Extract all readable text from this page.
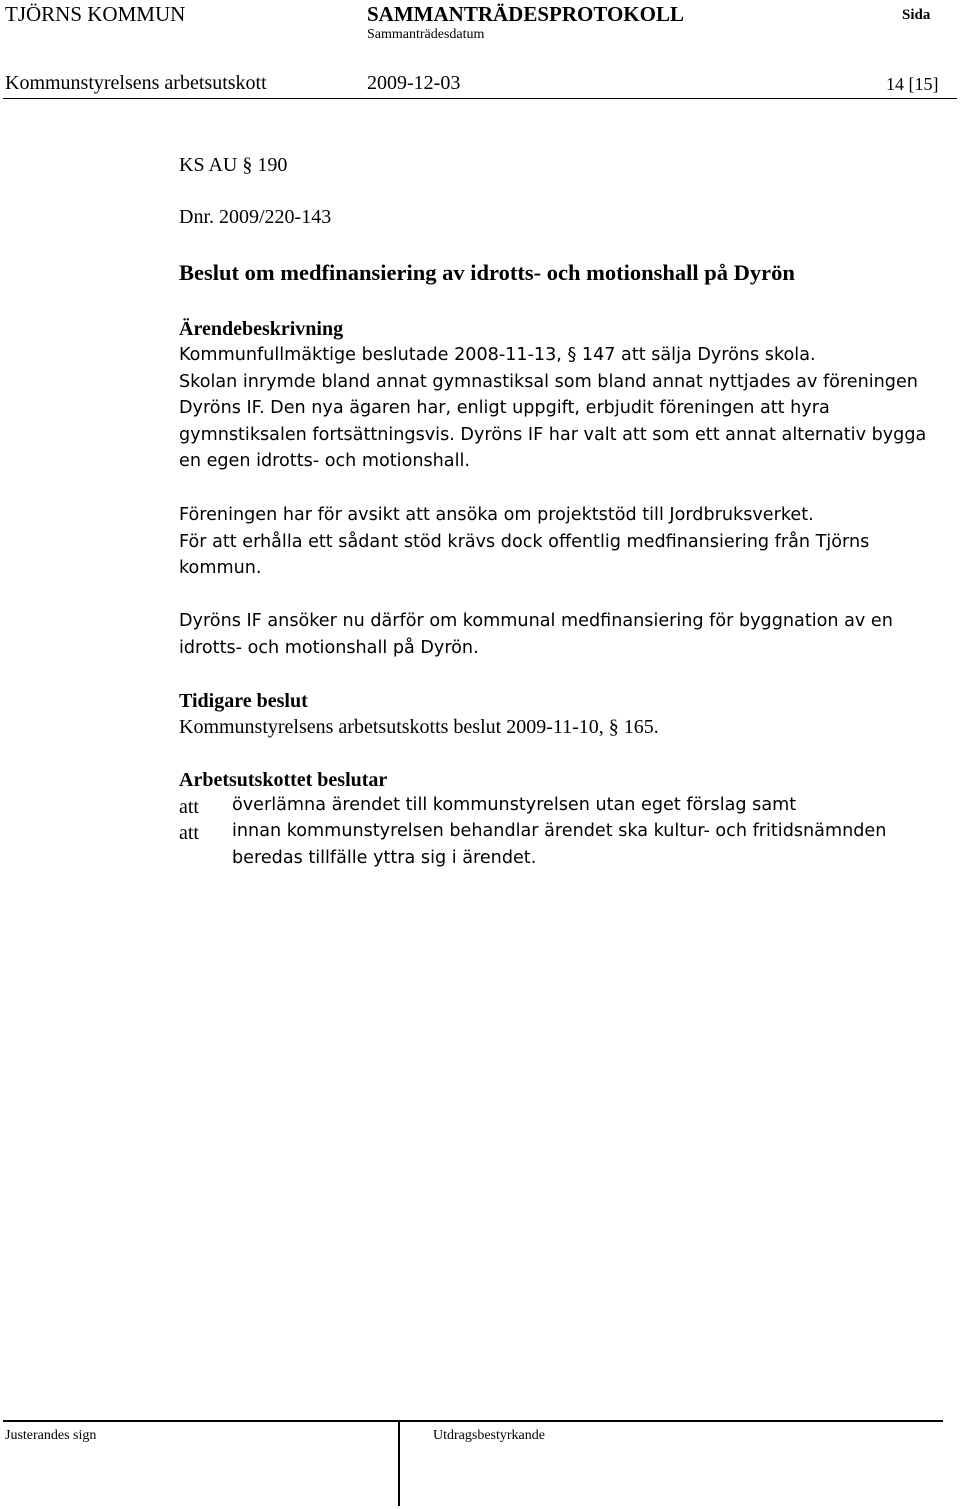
TJÖRNS KOMMUN	SAMMANTRÄDESPROTOKOLL	Sida
Sammanträdesdatum
Kommunstyrelsens arbetsutskott	2009-12-03	14 [15]
KS AU § 190
Dnr. 2009/220-143
Beslut om medfinansiering av idrotts- och motionshall på Dyrön
Ärendebeskrivning
Kommunfullmäktige beslutade 2008-11-13, § 147 att sälja Dyröns skola.
Skolan inrymde bland annat gymnastiksal som bland annat nyttjades av föreningen
Dyröns IF. Den nya ägaren har, enligt uppgift, erbjudit föreningen att hyra
gymnstiksalen fortsättningsvis. Dyröns IF har valt att som ett annat alternativ bygga
en egen idrotts- och motionshall.
Föreningen har för avsikt att ansöka om projektstöd till Jordbruksverket.
För att erhålla ett sådant stöd krävs dock offentlig medfinansiering från Tjörns
kommun.
Dyröns IF ansöker nu därför om kommunal medfinansiering för byggnation av en
idrotts- och motionshall på Dyrön.
Tidigare beslut
Kommunstyrelsens arbetsutskotts beslut 2009-11-10, § 165.
Arbetsutskottet beslutar
att överlämna ärendet till kommunstyrelsen utan eget förslag samt
att innan kommunstyrelsen behandlar ärendet ska kultur- och fritidsnämnden
beredas tillfälle yttra sig i ärendet.
Justerandes sign	Utdragsbestyrkande
